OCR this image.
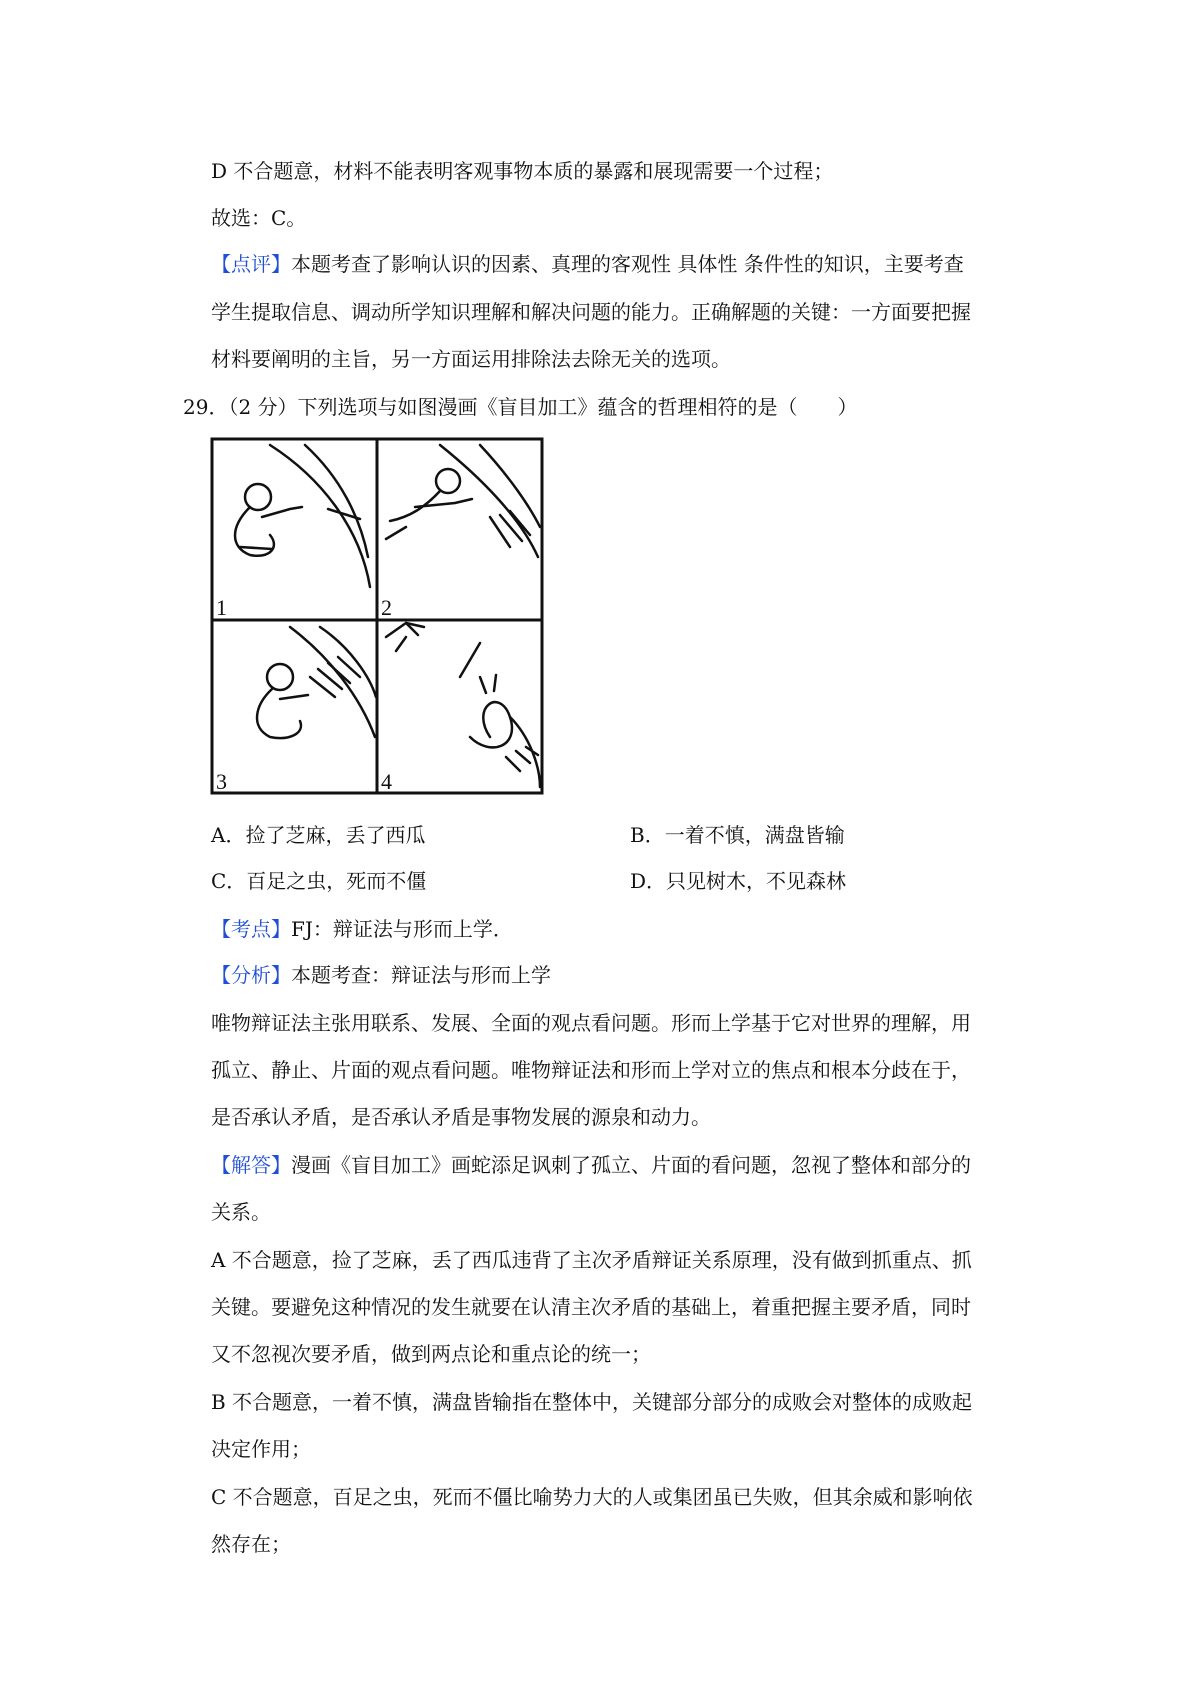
D 不合题意，材料不能表明客观事物本质的暴露和展现需要一个过程；
故选：C。
【点评】本题考查了影响认识的因素、真理的客观性 具体性 条件性的知识，主要考查
学生提取信息、调动所学知识理解和解决问题的能力。正确解题的关键：一方面要把握
材料要阐明的主旨，另一方面运用排除法去除无关的选项。
29．（2 分）下列选项与如图漫画《盲目加工》蕴含的哲理相符的是（　　）
1	2
3	4
A．捡了芝麻，丢了西瓜	B．一着不慎，满盘皆输
C．百足之虫，死而不僵	D．只见树木，不见森林
【考点】FJ：辩证法与形而上学．
【分析】本题考查：辩证法与形而上学
唯物辩证法主张用联系、发展、全面的观点看问题。形而上学基于它对世界的理解，用
孤立、静止、片面的观点看问题。唯物辩证法和形而上学对立的焦点和根本分歧在于，
是否承认矛盾，是否承认矛盾是事物发展的源泉和动力。
【解答】漫画《盲目加工》画蛇添足讽刺了孤立、片面的看问题，忽视了整体和部分的
关系。
A 不合题意，捡了芝麻，丢了西瓜违背了主次矛盾辩证关系原理，没有做到抓重点、抓
关键。要避免这种情况的发生就要在认清主次矛盾的基础上，着重把握主要矛盾，同时
又不忽视次要矛盾，做到两点论和重点论的统一；
B 不合题意，一着不慎，满盘皆输指在整体中，关键部分部分的成败会对整体的成败起
决定作用；
C 不合题意，百足之虫，死而不僵比喻势力大的人或集团虽已失败，但其余威和影响依
然存在；
